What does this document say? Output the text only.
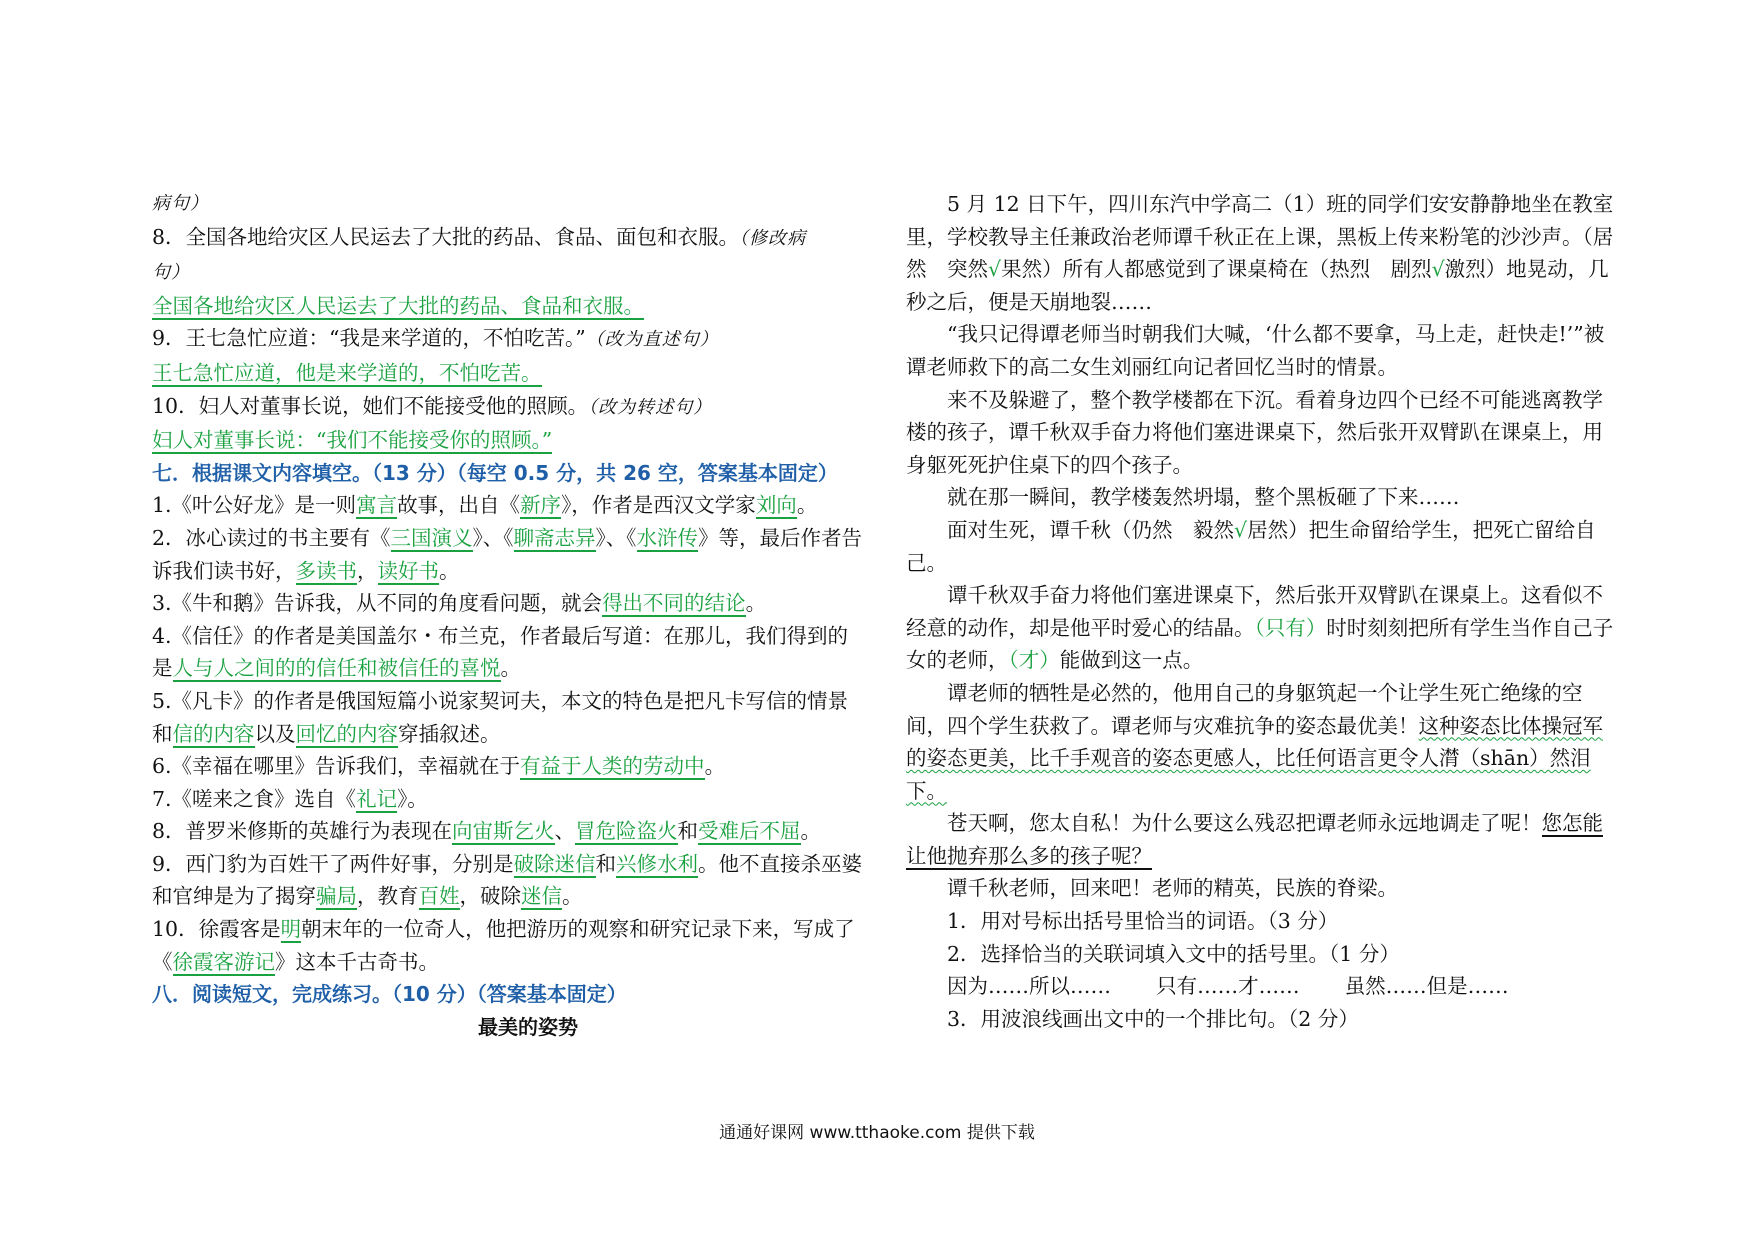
病句）

8．全国各地给灾区人民运去了大批的药品、食品、面包和衣服。（修改病
句）

全国各地给灾区人民运去了大批的药品、食品和衣服。

9．王七急忙应道：“我是来学道的，不怕吃苦。”（改为直述句）

王七急忙应道，他是来学道的，不怕吃苦。

10．妇人对董事长说，她们不能接受他的照顾。（改为转述句）

妇人对董事长说：“我们不能接受你的照顾。”

七．根据课文内容填空。（13 分）（每空 0.5 分，共 26 空，答案基本固定）

1.《叶公好龙》是一则寓言故事，出自《新序》，作者是西汉文学家刘向。

2．冰心读过的书主要有《三国演义》、《聊斋志异》、《水浒传》等，最后作者告诉我们读书好，多读书，读好书。

3.《牛和鹅》告诉我，从不同的角度看问题，就会得出不同的结论。

4.《信任》的作者是美国盖尔・布兰克，作者最后写道：在那儿，我们得到的是人与人之间的的信任和被信任的喜悦。

5.《凡卡》的作者是俄国短篇小说家契诃夫，本文的特色是把凡卡写信的情景和信的内容以及回忆的内容穿插叙述。

6.《幸福在哪里》告诉我们，幸福就在于有益于人类的劳动中。

7.《嗟来之食》选自《礼记》。

8．普罗米修斯的英雄行为表现在向宙斯乞火、冒危险盗火和受难后不屈。

9．西门豹为百姓干了两件好事，分别是破除迷信和兴修水利。他不直接杀巫婆和官绅是为了揭穿骗局，教育百姓，破除迷信。

10．徐霞客是明朝末年的一位奇人，他把游历的观察和研究记录下来，写成了《徐霞客游记》这本千古奇书。

八．阅读短文，完成练习。（10 分）（答案基本固定）

最美的姿势

5 月 12 日下午，四川东汽中学高二（1）班的同学们安安静静地坐在教室里，学校教导主任兼政治老师谭千秋正在上课，黑板上传来粉笔的沙沙声。（居然　突然√果然）所有人都感觉到了课桌椅在（热烈　剧烈√激烈）地晃动，几秒之后，便是天崩地裂……

“我只记得谭老师当时朝我们大喊，‘什么都不要拿，马上走，赶快走!’”被谭老师救下的高二女生刘丽红向记者回忆当时的情景。

来不及躲避了，整个教学楼都在下沉。看着身边四个已经不可能逃离教学楼的孩子，谭千秋双手奋力将他们塞进课桌下，然后张开双臂趴在课桌上，用身躯死死护住桌下的四个孩子。

就在那一瞬间，教学楼轰然坍塌，整个黑板砸了下来……

面对生死，谭千秋（仍然　毅然√居然）把生命留给学生，把死亡留给自己。

谭千秋双手奋力将他们塞进课桌下，然后张开双臂趴在课桌上。这看似不经意的动作，却是他平时爱心的结晶。（只有）时时刻刻把所有学生当作自己子女的老师，（才）能做到这一点。

谭老师的牺牲是必然的，他用自己的身躯筑起一个让学生死亡绝缘的空间，四个学生获救了。谭老师与灾难抗争的姿态最优美！这种姿态比体操冠军的姿态更美，比千手观音的姿态更感人，比任何语言更令人潸（shān）然泪下。

苍天啊，您太自私！为什么要这么残忍把谭老师永远地调走了呢！您怎能让他抛弃那么多的孩子呢？

谭千秋老师，回来吧！老师的精英，民族的脊梁。

1．用对号标出括号里恰当的词语。（3 分）

2．选择恰当的关联词填入文中的括号里。（1 分）

因为……所以…… 只有……才…… 虽然……但是……

3．用波浪线画出文中的一个排比句。（2 分）

通通好课网 www.tthaoke.com 提供下载
